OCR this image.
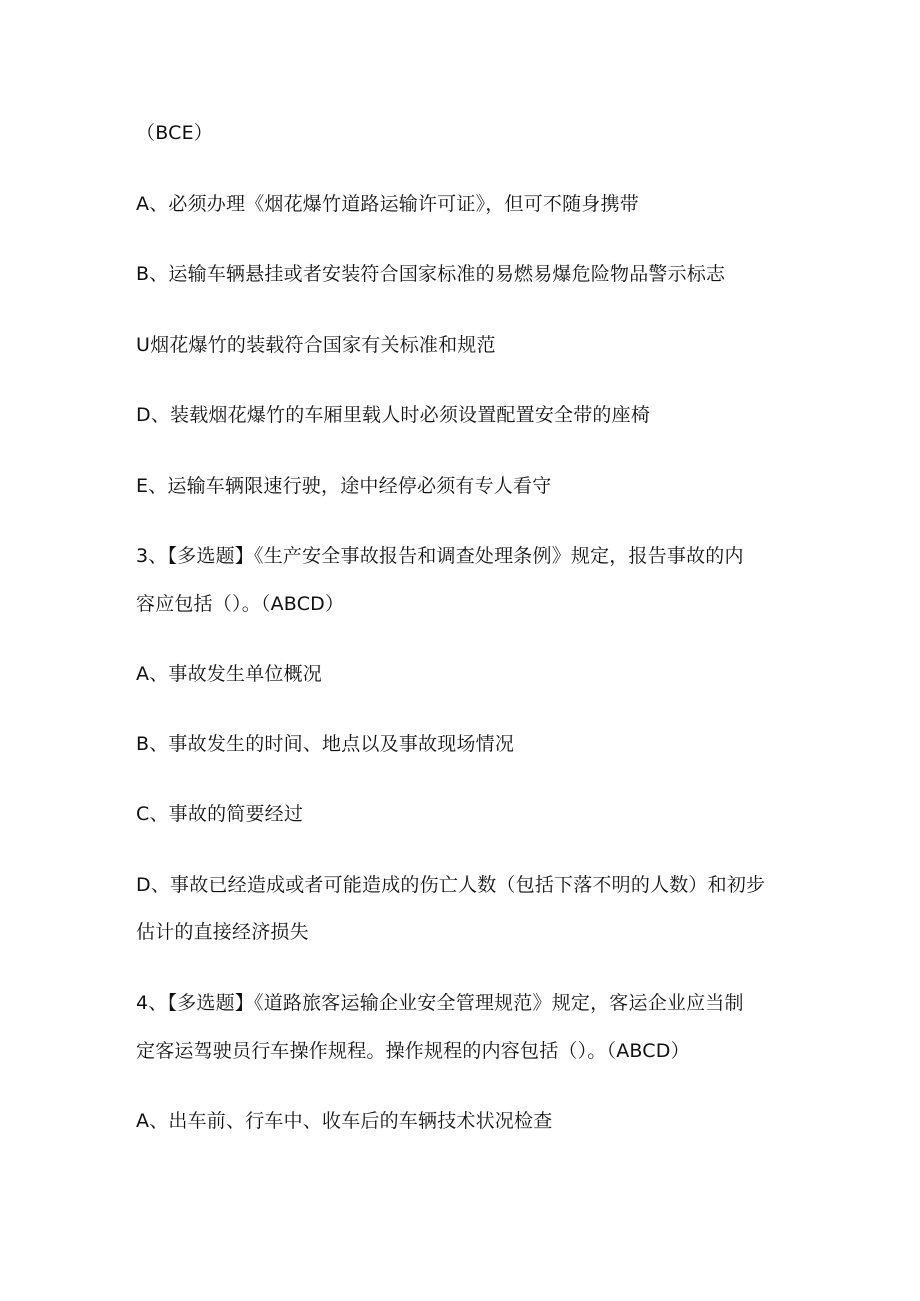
（BCE）
A、必须办理《烟花爆竹道路运输许可证》，但可不随身携带
B、运输车辆悬挂或者安装符合国家标准的易燃易爆危险物品警示标志
U烟花爆竹的装载符合国家有关标准和规范
D、装载烟花爆竹的车厢里载人时必须设置配置安全带的座椅
E、运输车辆限速行驶，途中经停必须有专人看守
3、【多选题】《生产安全事故报告和调查处理条例》规定，报告事故的内
容应包括（）。（ABCD）
A、事故发生单位概况
B、事故发生的时间、地点以及事故现场情况
C、事故的简要经过
D、事故已经造成或者可能造成的伤亡人数（包括下落不明的人数）和初步
估计的直接经济损失
4、【多选题】《道路旅客运输企业安全管理规范》规定，客运企业应当制
定客运驾驶员行车操作规程。操作规程的内容包括（）。（ABCD）
A、出车前、行车中、收车后的车辆技术状况检查
